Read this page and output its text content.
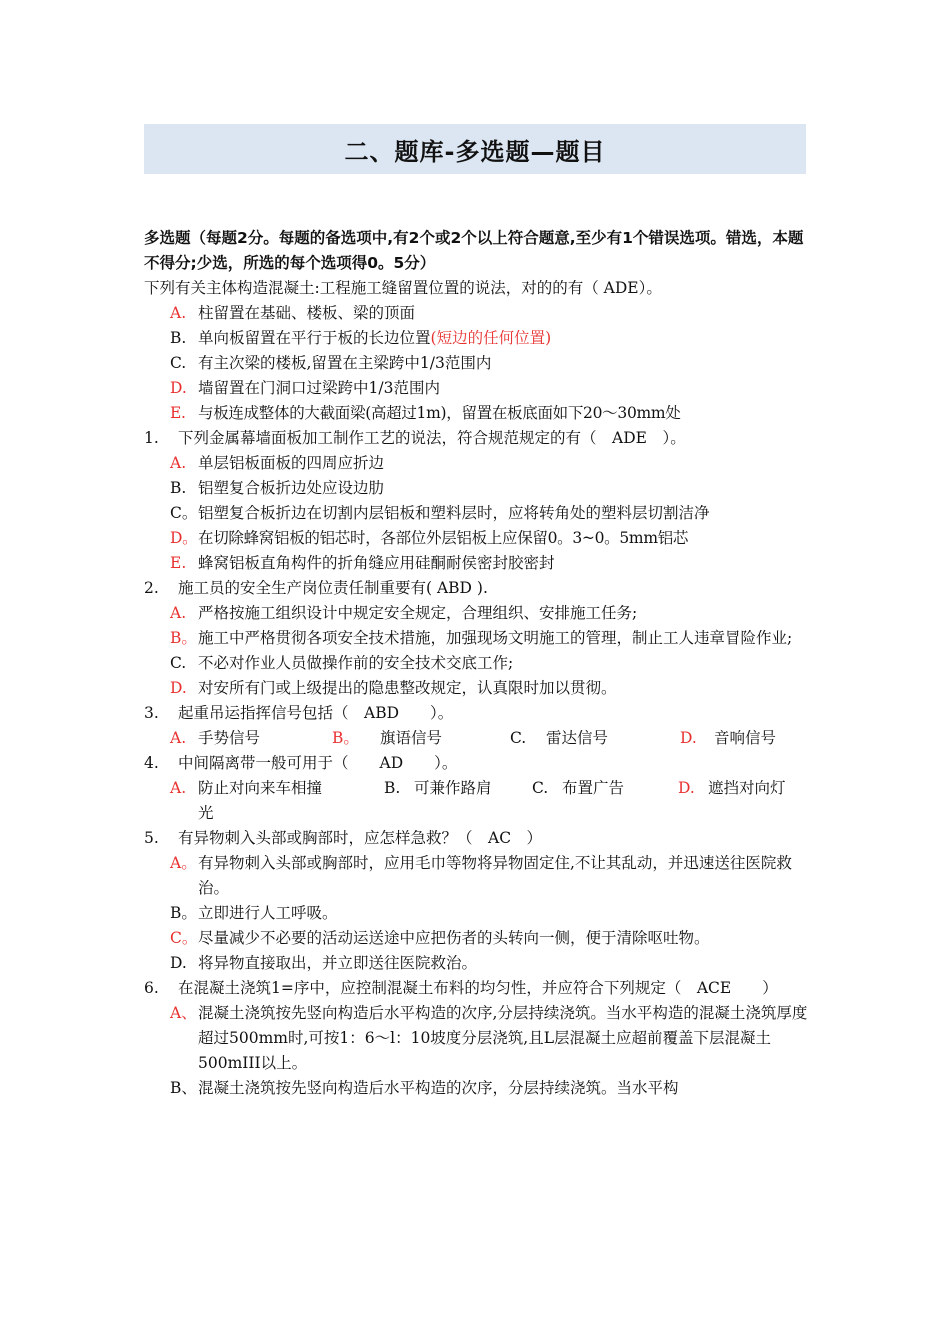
二、题库-多选题—题目
多选题（每题2分。每题的备选项中,有2个或2个以上符合题意,至少有1个错误选项。错选，本题不得分;少选，所选的每个选项得0。5分）
下列有关主体构造混凝土:工程施工缝留置位置的说法，对的的有（ ADE）。
A. 柱留置在基础、楼板、梁的顶面
B. 单向板留置在平行于板的长边位置(短边的任何位置)
C. 有主次梁的楼板,留置在主梁跨中1/3范围内
D. 墙留置在门洞口过梁跨中1/3范围内
E. 与板连成整体的大截面梁(高超过1m)，留置在板底面如下20～30mm处
1. 下列金属幕墙面板加工制作工艺的说法，符合规范规定的有（　ADE　）。
A. 单层铝板面板的四周应折边
B. 铝塑复合板折边处应设边肋
C。 铝塑复合板折边在切割内层铝板和塑料层时，应将转角处的塑料层切割洁净
D。 在切除蜂窝铝板的铝芯时，各部位外层铝板上应保留0。3~0。5mm铝芯
E. 蜂窝铝板直角构件的折角缝应用硅酮耐侯密封胶密封
2. 施工员的安全生产岗位责任制重要有( ABD ).
A. 严格按施工组织设计中规定安全规定，合理组织、安排施工任务;
B。 施工中严格贯彻各项安全技术措施，加强现场文明施工的管理，制止工人违章冒险作业;
C. 不必对作业人员做操作前的安全技术交底工作;
D. 对安所有门或上级提出的隐患整改规定，认真限时加以贯彻。
3. 起重吊运指挥信号包括（　ABD　　）。
A. 手势信号	B。 旗语信号	C. 雷达信号	D. 音响信号
4. 中间隔离带一般可用于（　　AD　　）。
A. 防止对向来车相撞	B. 可兼作路肩	C. 布置广告	D. 遮挡对向灯
光
5. 有异物刺入头部或胸部时，应怎样急救？（　AC　）
A。 有异物刺入头部或胸部时，应用毛巾等物将异物固定住,不让其乱动，并迅速送往医院救治。
B。 立即进行人工呼吸。
C。 尽量减少不必要的活动运送途中应把伤者的头转向一侧，便于清除呕吐物。
D. 将异物直接取出，并立即送往医院救治。
6. 在混凝土浇筑1=序中，应控制混凝土布料的均匀性，并应符合下列规定（　ACE　　）
A、 混凝土浇筑按先竖向构造后水平构造的次序,分层持续浇筑。当水平构造的混凝土浇筑厚度超过500mm时,可按1：6～l：10坡度分层浇筑,且L层混凝土应超前覆盖下层混凝土500mIII以上。
B、 混凝土浇筑按先竖向构造后水平构造的次序，分层持续浇筑。当水平构
